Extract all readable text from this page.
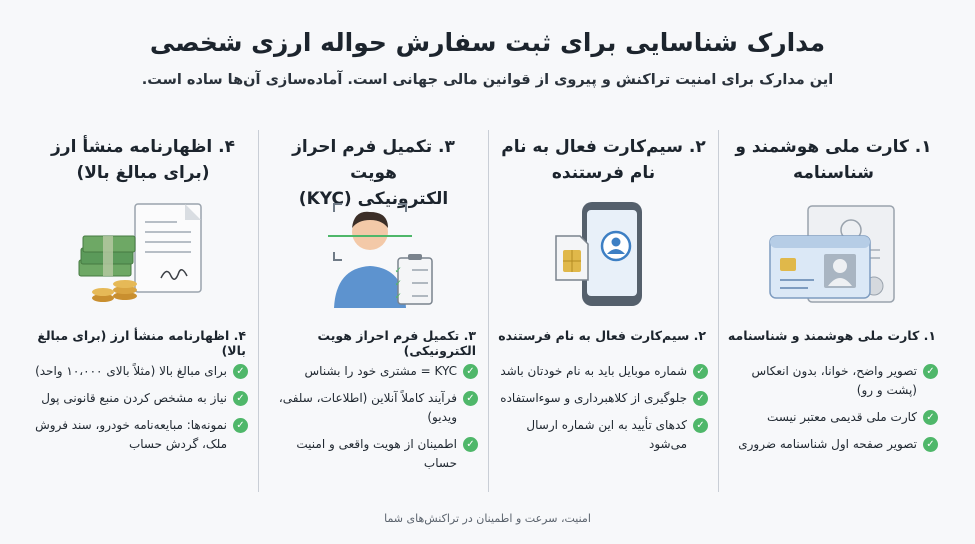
مدارک شناسایی برای ثبت سفارش حواله ارزی شخصی
این مدارک برای امنیت تراکنش و پیروی از قوانین مالی جهانی است. آماده‌سازی آن‌ها ساده است.
۱. کارت ملی هوشمند و
شناسنامه
۱. کارت ملی هوشمند و شناسنامه
✓
تصویر واضح، خوانا، بدون انعکاس (پشت و رو)
✓
کارت ملی قدیمی معتبر نیست
✓
تصویر صفحه اول شناسنامه ضروری
۲. سیم‌کارت فعال به نام
نام فرستنده
۲. سیم‌کارت فعال به نام فرستنده
✓
شماره موبایل باید به نام خودتان باشد
✓
جلوگیری از کلاهبرداری و سوءاستفاده
✓
کدهای تأیید به این شماره ارسال می‌شود
۳. تکمیل فرم احراز هویت
الکترونیکی (KYC)
✓
✓
✓
۳. تکمیل فرم احراز هویت الکترونیکی)
✓
KYC = مشتری خود را بشناس
✓
فرآیند کاملاً آنلاین (اطلاعات، سلفی، ویدیو)
✓
اطمینان از هویت واقعی و امنیت حساب
۴. اظهارنامه منشأ ارز
(برای مبالغ بالا)
۴. اظهارنامه منشأ ارز (برای مبالغ بالا)
✓
برای مبالغ بالا (مثلاً بالای ۱۰،۰۰۰ واحد)
✓
نیاز به مشخص کردن منبع قانونی پول
✓
نمونه‌ها: مبایعه‌نامه خودرو، سند فروش ملک، گردش حساب
امنیت، سرعت و اطمینان در تراکنش‌های شما
